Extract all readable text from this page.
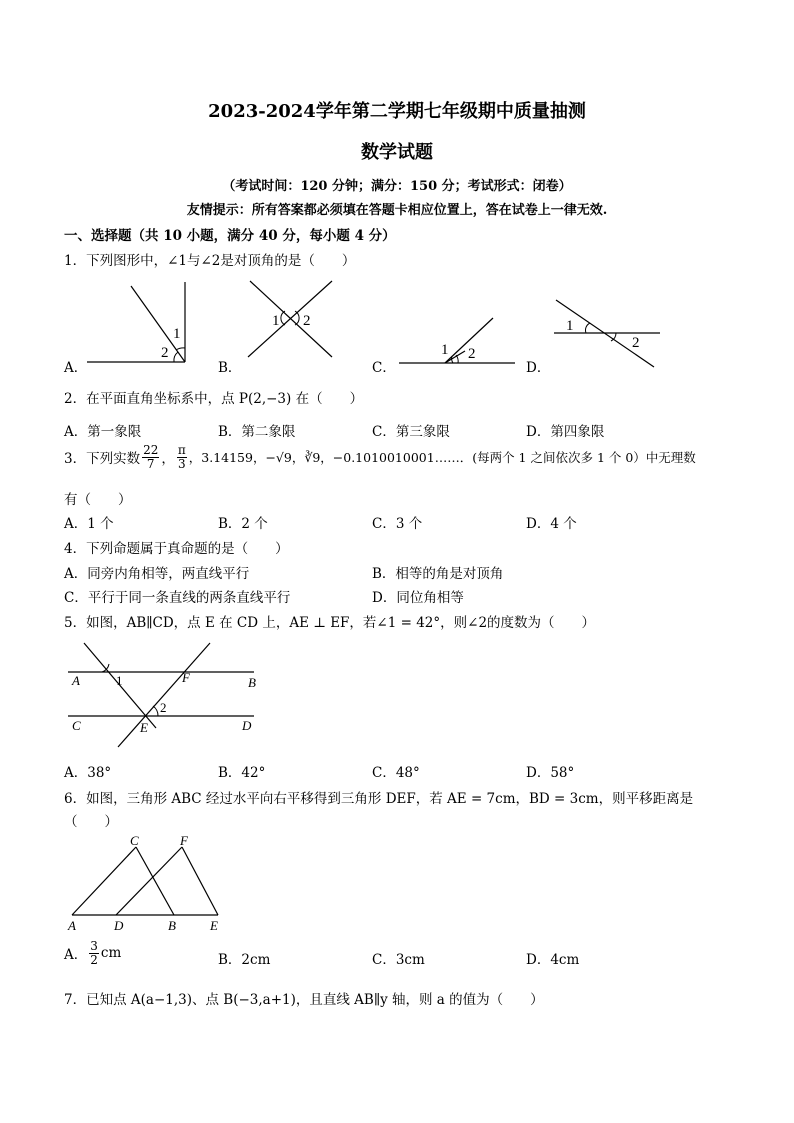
2023-2024学年第二学期七年级期中质量抽测
数学试题
（考试时间：120 分钟；满分：150 分；考试形式：闭卷）
友情提示：所有答案都必须填在答题卡相应位置上，答在试卷上一律无效.
一、选择题（共 10 小题，满分 40 分，每小题 4 分）
1．下列图形中，∠1与∠2是对顶角的是（　　）
A．
1
2
B．
1 2
C．
1 2
D．
1
2
2．在平面直角坐标系中，点 P(2,−3) 在（　　）
A．第一象限	B．第二象限	C．第三象限	D．第四象限
3．下列实数 $\frac{22}{7}$ ， $\frac{\pi}{3}$ ，3.14159，−√9，∛9，−0.1010010001……．(每两个 1 之间依次多 1 个 0）中无理数
有（　　）
A．1 个	B．2 个	C．3 个	D．4 个
4．下列命题属于真命题的是（　　）
A．同旁内角相等，两直线平行	B．相等的角是对顶角
C．平行于同一条直线的两条直线平行	D．同位角相等
5．如图，AB∥CD，点 E 在 CD 上，AE ⊥ EF，若∠1 = 42°，则∠2的度数为（　　）
A	1	F	B
2
C	E	D
A．38°	B．42°	C．48°	D．58°
6．如图，三角形 ABC 经过水平向右平移得到三角形 DEF，若 AE = 7cm，BD = 3cm，则平移距离是
（　　）
C	F
A	D	B	E
A． $\frac{3}{2}$ cm	B．2cm	C．3cm	D．4cm
7．已知点 A(a−1,3)、点 B(−3,a+1)，且直线 AB∥y 轴，则 a 的值为（　　）
